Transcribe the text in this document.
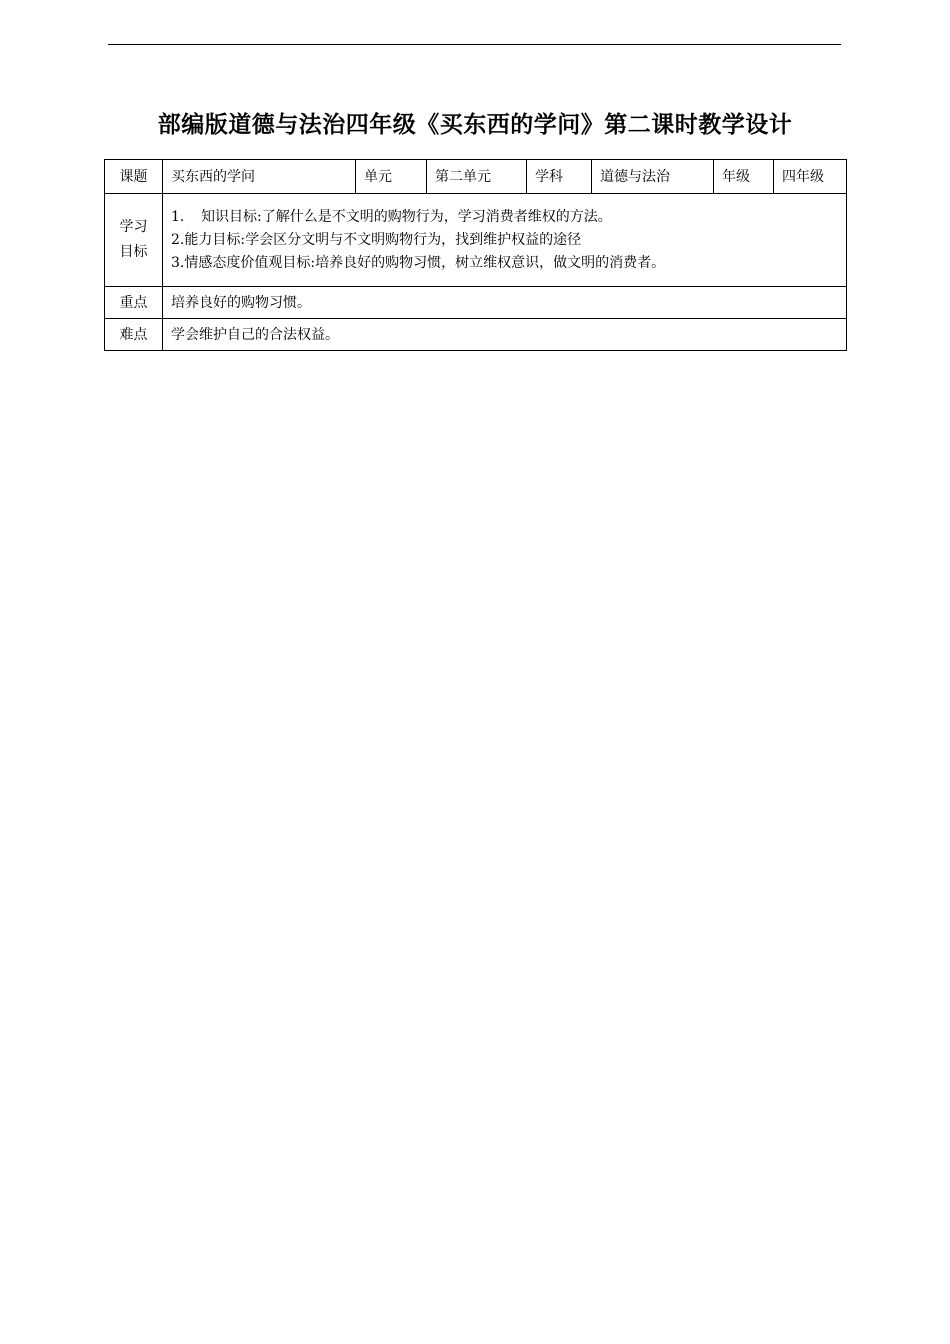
部编版道德与法治四年级《买东西的学问》第二课时教学设计
课题	买东西的学问	单元	第二单元	学科	道德与法治	年级	四年级

学习
目标	1. 知识目标:了解什么是不文明的购物行为，学习消费者维权的方法。
2.能力目标:学会区分文明与不文明购物行为，找到维护权益的途径
3.情感态度价值观目标:培养良好的购物习惯，树立维权意识，做文明的消费者。						

重点	培养良好的购物习惯。						
难点	学会维护自己的合法权益。						
